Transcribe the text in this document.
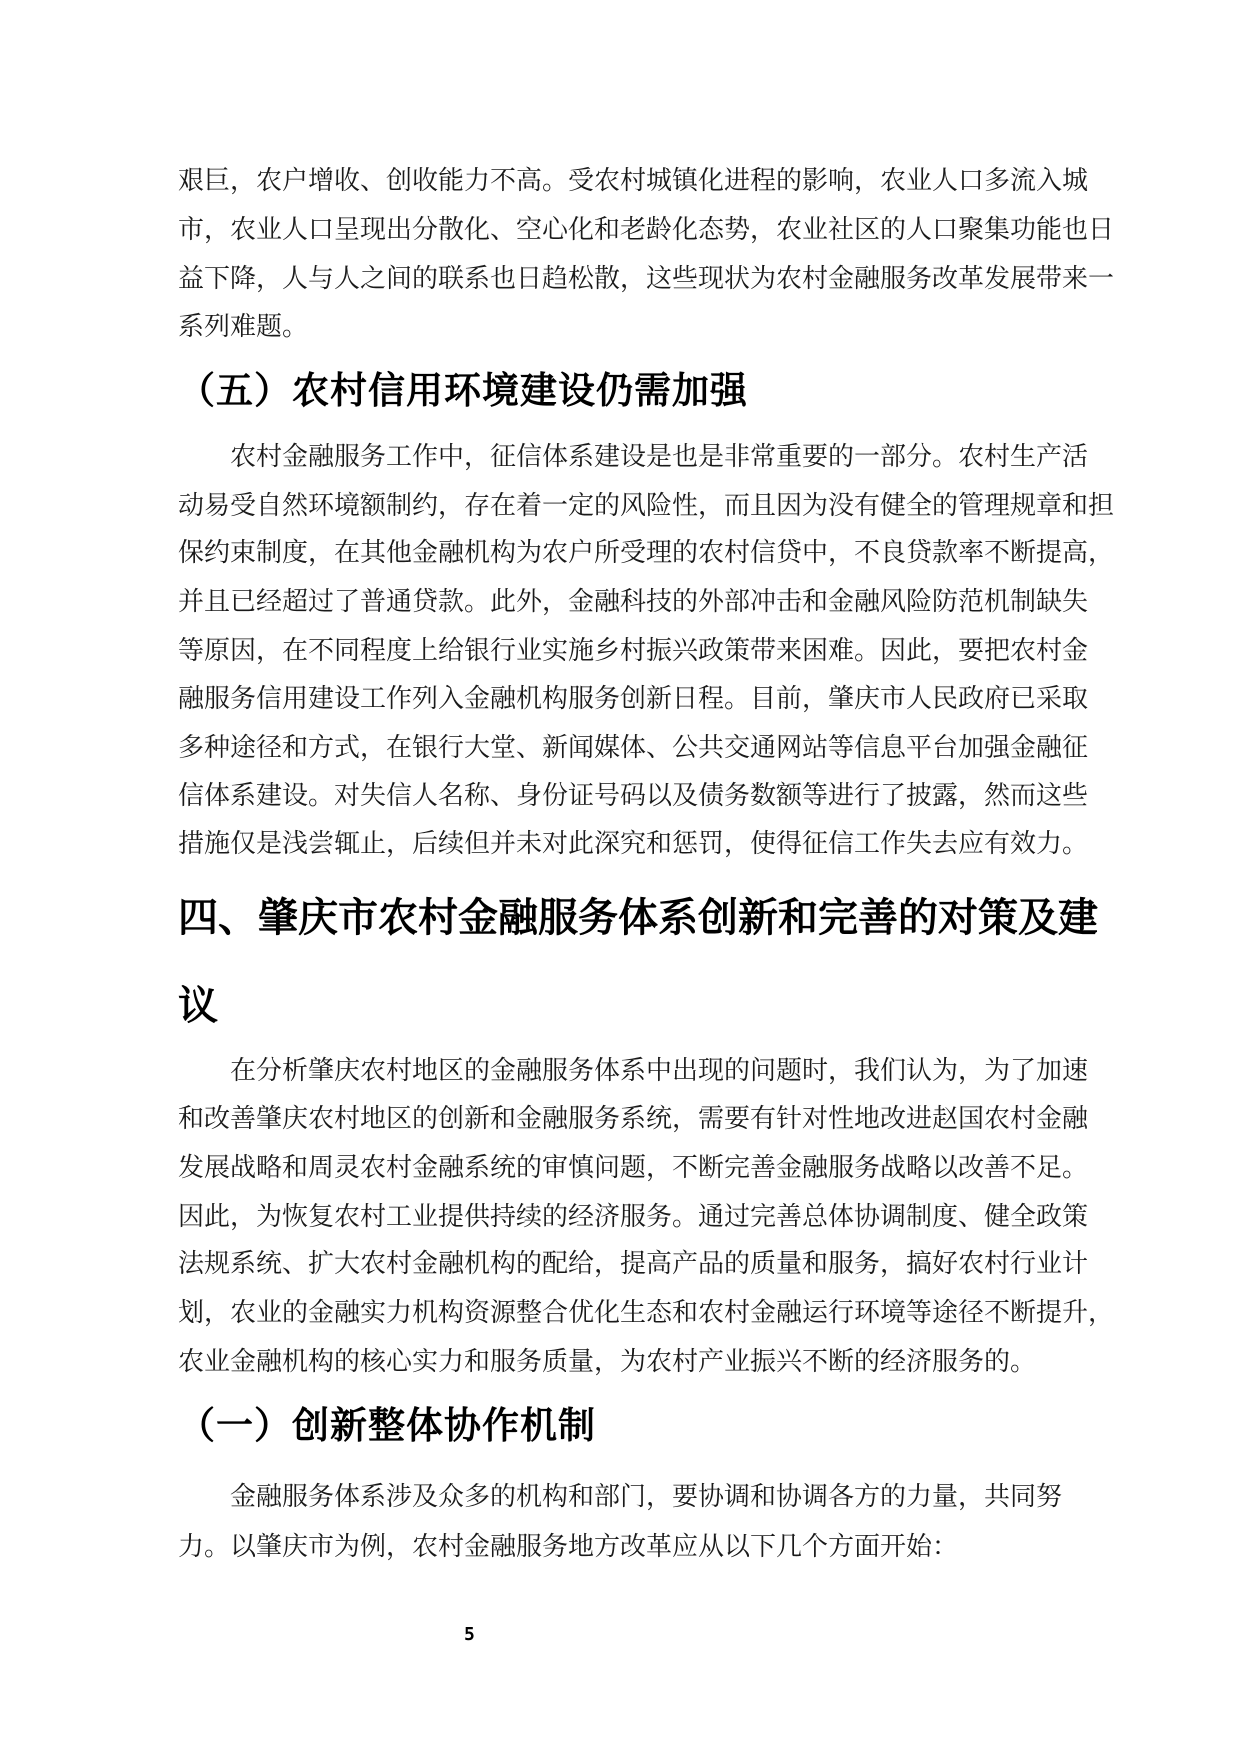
艰巨，农户增收、创收能力不高。受农村城镇化进程的影响，农业人口多流入城
市，农业人口呈现出分散化、空心化和老龄化态势，农业社区的人口聚集功能也日
益下降，人与人之间的联系也日趋松散，这些现状为农村金融服务改革发展带来一
系列难题。
（五）农村信用环境建设仍需加强
农村金融服务工作中，征信体系建设是也是非常重要的一部分。农村生产活
动易受自然环境额制约，存在着一定的风险性，而且因为没有健全的管理规章和担
保约束制度，在其他金融机构为农户所受理的农村信贷中，不良贷款率不断提高，
并且已经超过了普通贷款。此外，金融科技的外部冲击和金融风险防范机制缺失
等原因，在不同程度上给银行业实施乡村振兴政策带来困难。因此，要把农村金
融服务信用建设工作列入金融机构服务创新日程。目前，肇庆市人民政府已采取
多种途径和方式，在银行大堂、新闻媒体、公共交通网站等信息平台加强金融征
信体系建设。对失信人名称、身份证号码以及债务数额等进行了披露，然而这些
措施仅是浅尝辄止，后续但并未对此深究和惩罚，使得征信工作失去应有效力。
四、肇庆市农村金融服务体系创新和完善的对策及建
议
在分析肇庆农村地区的金融服务体系中出现的问题时，我们认为，为了加速
和改善肇庆农村地区的创新和金融服务系统，需要有针对性地改进赵国农村金融
发展战略和周灵农村金融系统的审慎问题，不断完善金融服务战略以改善不足。
因此，为恢复农村工业提供持续的经济服务。通过完善总体协调制度、健全政策
法规系统、扩大农村金融机构的配给，提高产品的质量和服务，搞好农村行业计
划，农业的金融实力机构资源整合优化生态和农村金融运行环境等途径不断提升，
农业金融机构的核心实力和服务质量，为农村产业振兴不断的经济服务的。
（一）创新整体协作机制
金融服务体系涉及众多的机构和部门，要协调和协调各方的力量，共同努
力。以肇庆市为例，农村金融服务地方改革应从以下几个方面开始：
5
